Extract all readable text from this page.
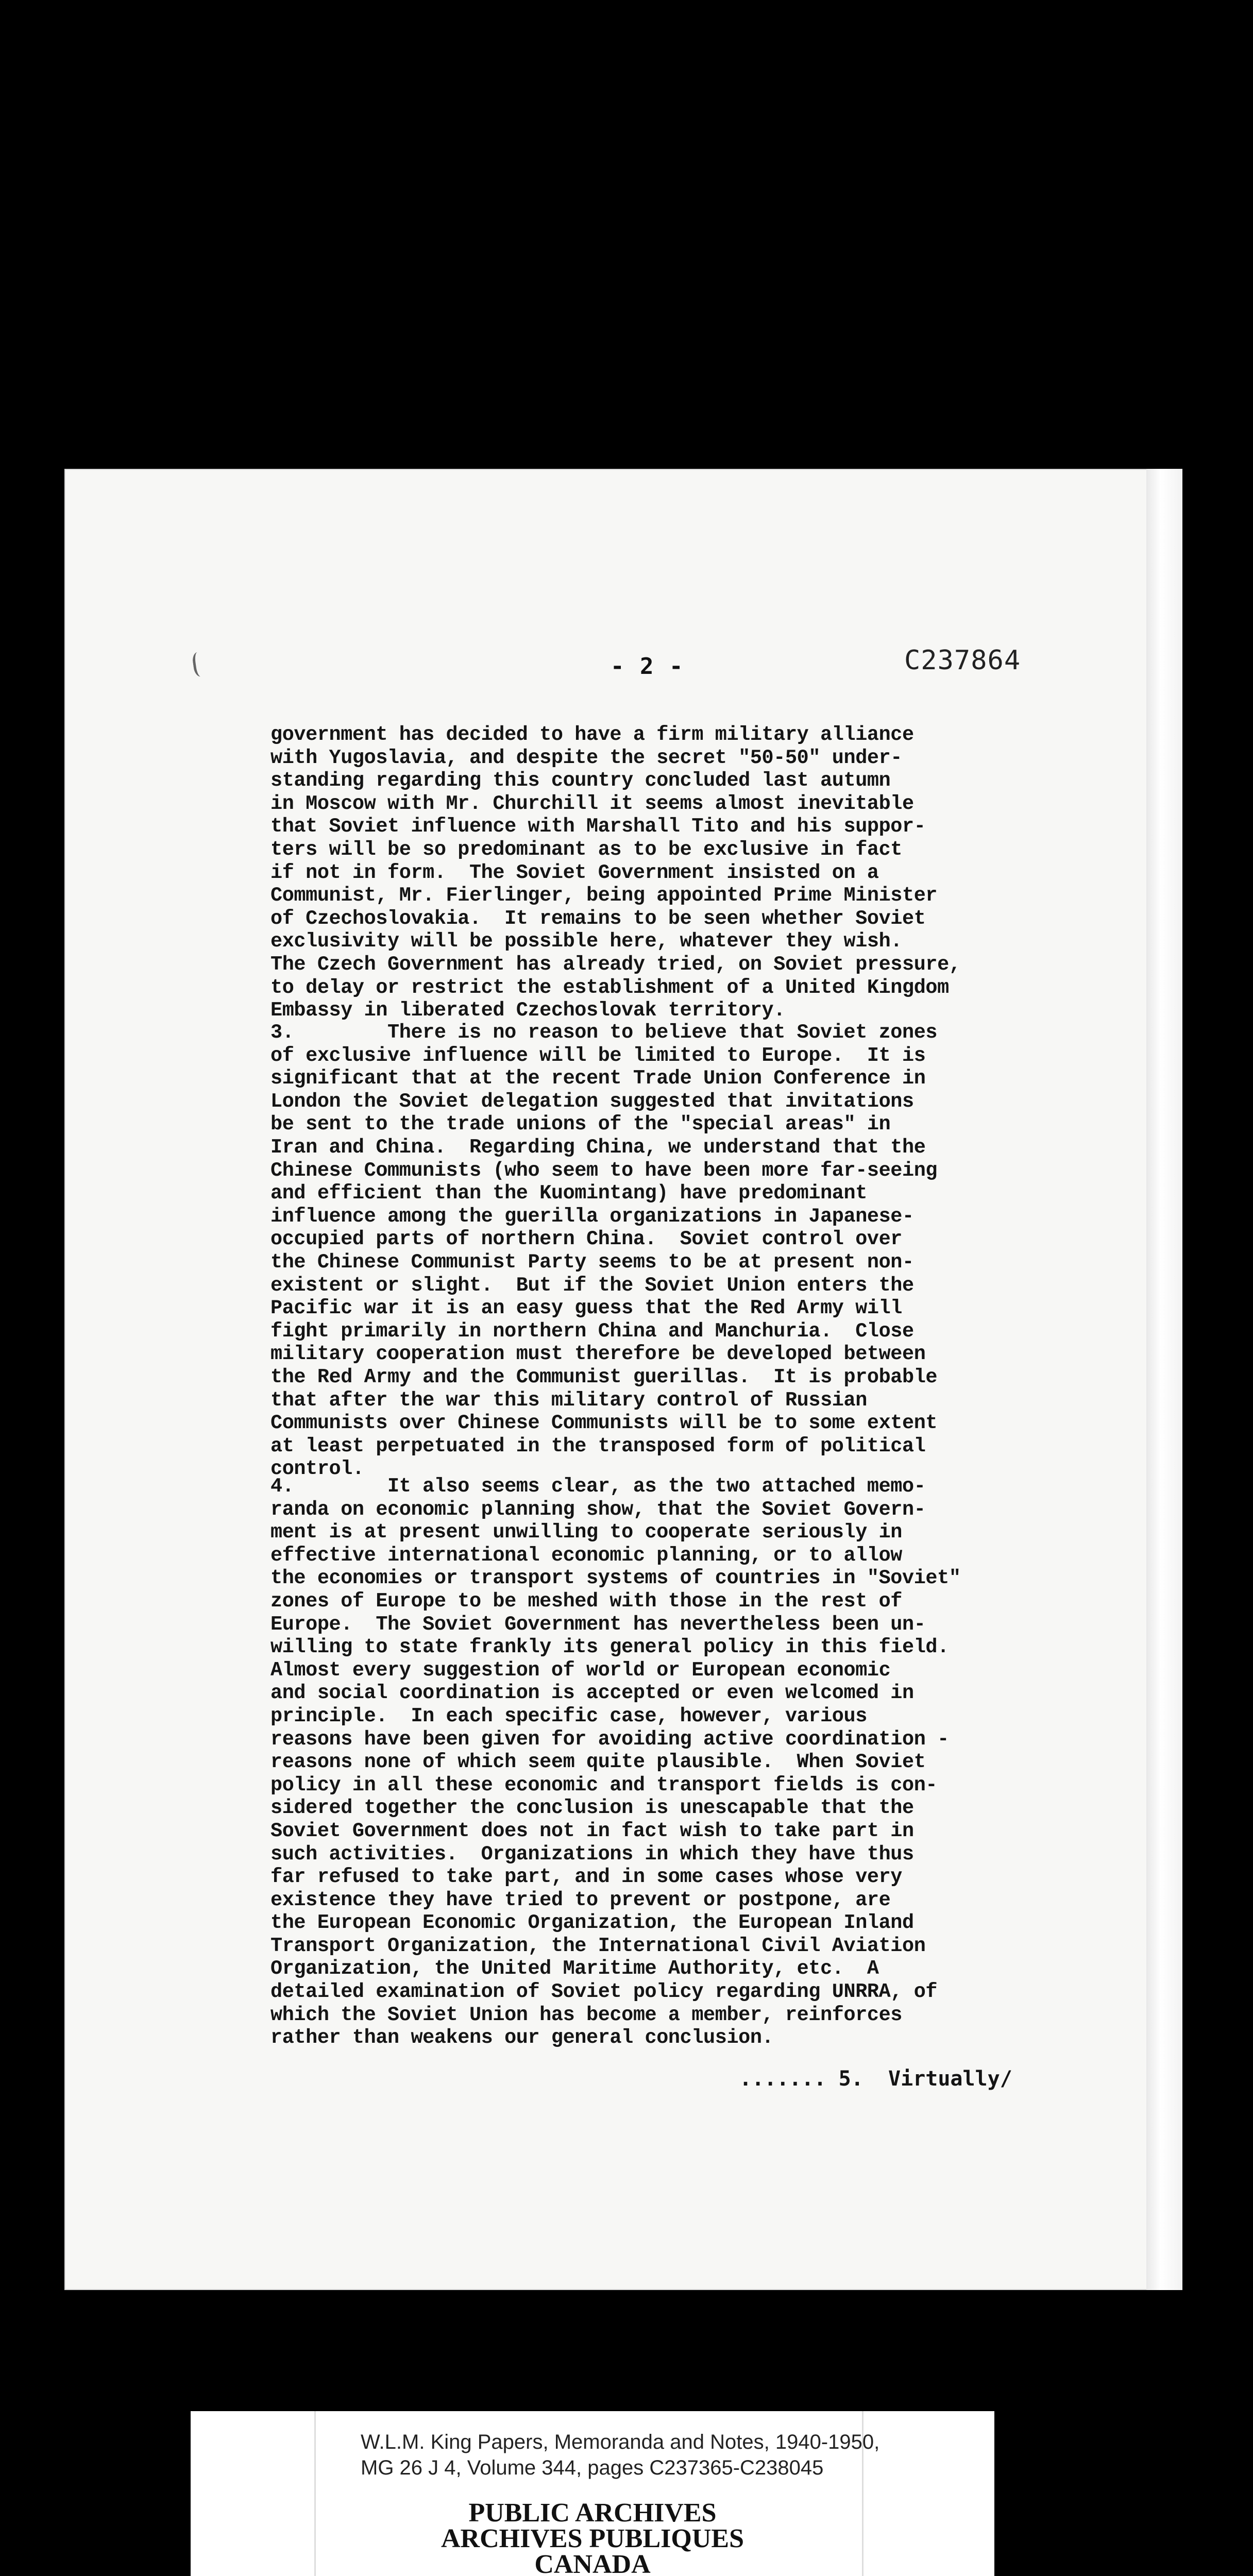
- 2 -	C237864
government has decided to have a firm military alliance
with Yugoslavia, and despite the secret "50-50" under-
standing regarding this country concluded last autumn
in Moscow with Mr. Churchill it seems almost inevitable
that Soviet influence with Marshall Tito and his suppor-
ters will be so predominant as to be exclusive in fact
if not in form.  The Soviet Government insisted on a
Communist, Mr. Fierlinger, being appointed Prime Minister
of Czechoslovakia.  It remains to be seen whether Soviet
exclusivity will be possible here, whatever they wish.
The Czech Government has already tried, on Soviet pressure,
to delay or restrict the establishment of a United Kingdom
Embassy in liberated Czechoslovak territory.
3.        There is no reason to believe that Soviet zones
of exclusive influence will be limited to Europe.  It is
significant that at the recent Trade Union Conference in
London the Soviet delegation suggested that invitations
be sent to the trade unions of the "special areas" in
Iran and China.  Regarding China, we understand that the
Chinese Communists (who seem to have been more far-seeing
and efficient than the Kuomintang) have predominant
influence among the guerilla organizations in Japanese-
occupied parts of northern China.  Soviet control over
the Chinese Communist Party seems to be at present non-
existent or slight.  But if the Soviet Union enters the
Pacific war it is an easy guess that the Red Army will
fight primarily in northern China and Manchuria.  Close
military cooperation must therefore be developed between
the Red Army and the Communist guerillas.  It is probable
that after the war this military control of Russian
Communists over Chinese Communists will be to some extent
at least perpetuated in the transposed form of political
control.
4.        It also seems clear, as the two attached memo-
randa on economic planning show, that the Soviet Govern-
ment is at present unwilling to cooperate seriously in
effective international economic planning, or to allow
the economies or transport systems of countries in "Soviet"
zones of Europe to be meshed with those in the rest of
Europe.  The Soviet Government has nevertheless been un-
willing to state frankly its general policy in this field.
Almost every suggestion of world or European economic
and social coordination is accepted or even welcomed in
principle.  In each specific case, however, various
reasons have been given for avoiding active coordination -
reasons none of which seem quite plausible.  When Soviet
policy in all these economic and transport fields is con-
sidered together the conclusion is unescapable that the
Soviet Government does not in fact wish to take part in
such activities.  Organizations in which they have thus
far refused to take part, and in some cases whose very
existence they have tried to prevent or postpone, are
the European Economic Organization, the European Inland
Transport Organization, the International Civil Aviation
Organization, the United Maritime Authority, etc.  A
detailed examination of Soviet policy regarding UNRRA, of
which the Soviet Union has become a member, reinforces
rather than weakens our general conclusion.
....... 5.  Virtually/
W.L.M. King Papers, Memoranda and Notes, 1940-1950,
MG 26 J 4, Volume 344, pages C237365-C238045
PUBLIC ARCHIVES
ARCHIVES PUBLIQUES
CANADA
